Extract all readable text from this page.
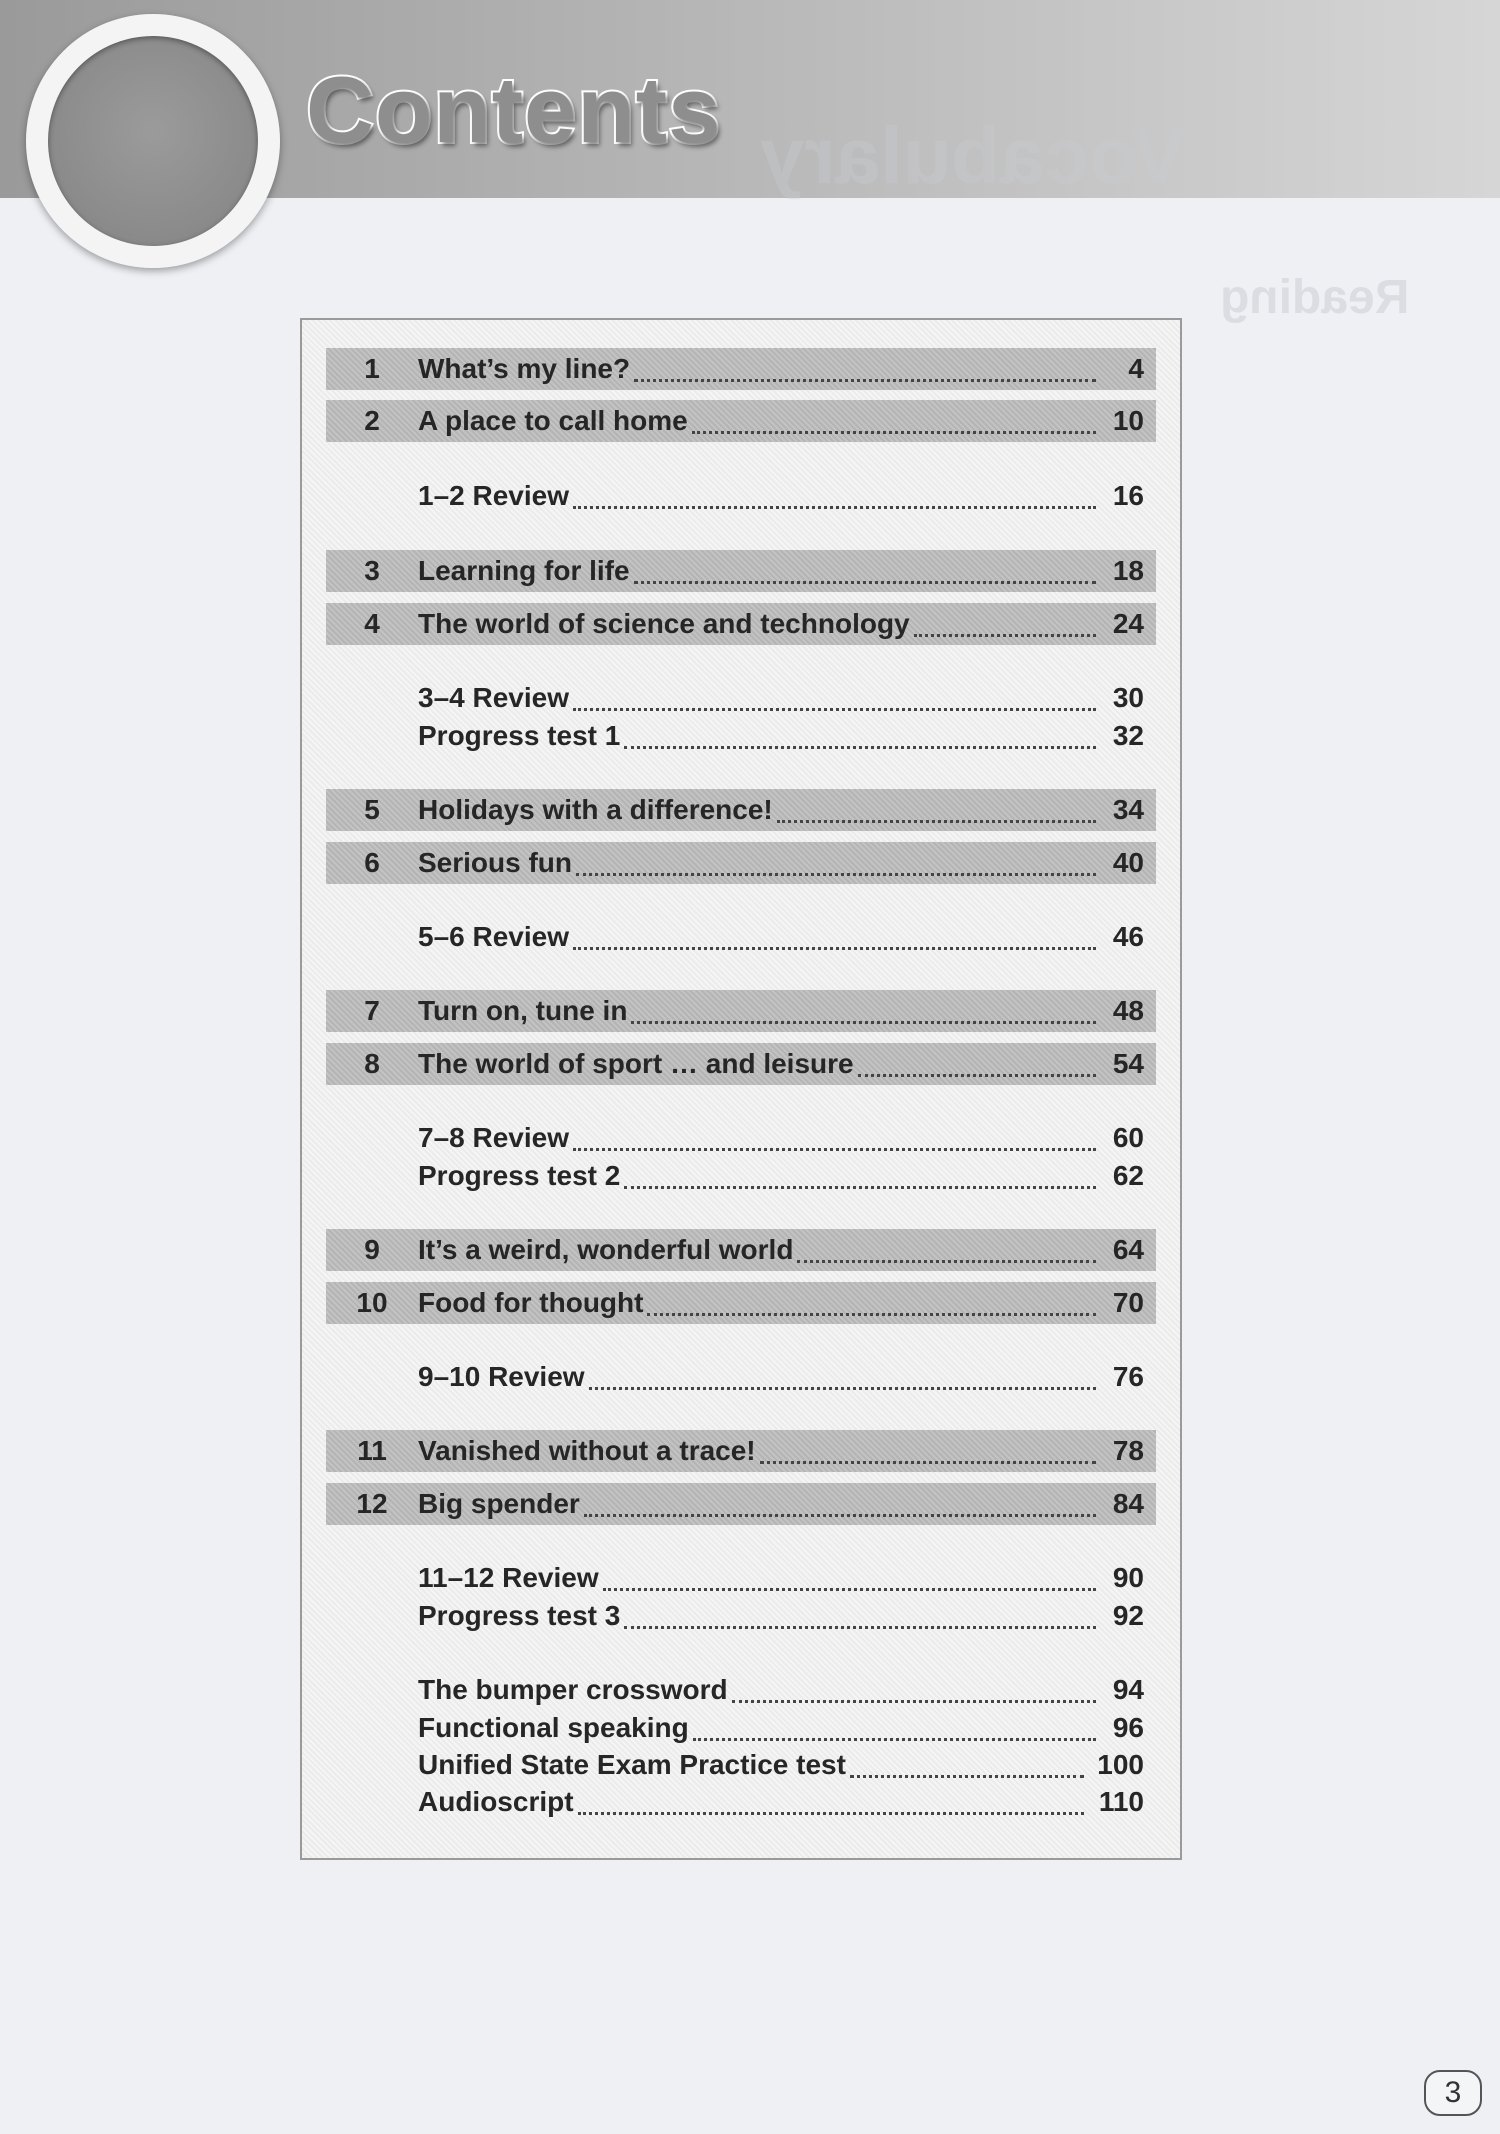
Vocabulary
Reading
Contents
1	What’s my line?	4
2	A place to call home	10
1–2 Review	16
3	Learning for life	18
4	The world of science and technology	24
3–4 Review	30
Progress test 1	32
5	Holidays with a difference!	34
6	Serious fun	40
5–6 Review	46
7	Turn on, tune in	48
8	The world of sport … and leisure	54
7–8 Review	60
Progress test 2	62
9	It’s a weird, wonderful world	64
10	Food for thought	70
9–10 Review	76
11	Vanished without a trace!	78
12	Big spender	84
11–12 Review	90
Progress test 3	92
The bumper crossword	94
Functional speaking	96
Unified State Exam Practice test	100
Audioscript	110
3
